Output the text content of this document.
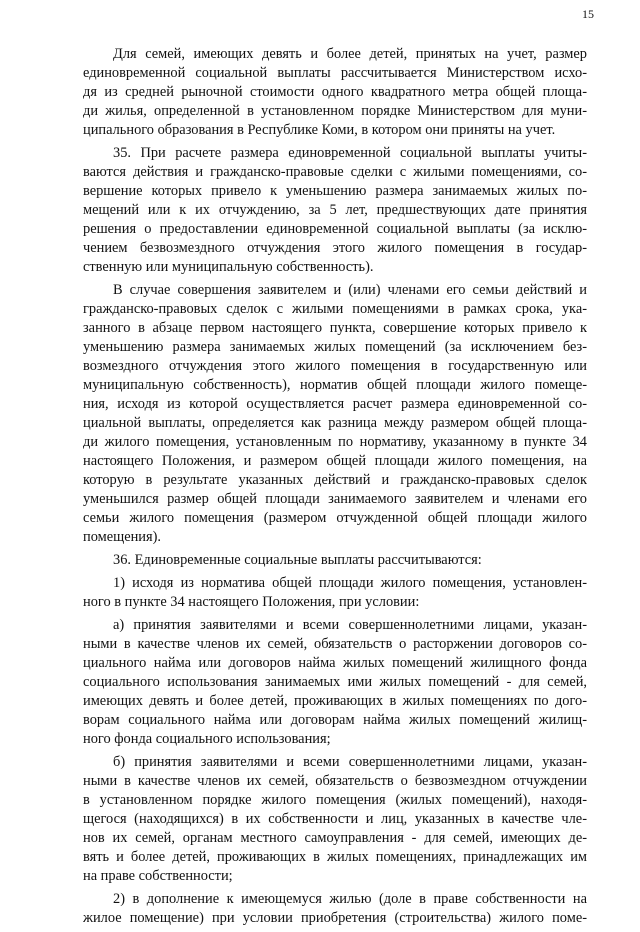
15
Для семей, имеющих девять и более детей, принятых на учет, размер
единовременной социальной выплаты рассчитывается Министерством исхо-
дя из средней рыночной стоимости одного квадратного метра общей площа-
ди жилья, определенной в установленном порядке Министерством для муни-
ципального образования в Республике Коми, в котором они приняты на учет.
35. При расчете размера единовременной социальной выплаты учиты-
ваются действия и гражданско-правовые сделки с жилыми помещениями, со-
вершение которых привело к уменьшению размера занимаемых жилых по-
мещений или к их отчуждению, за 5 лет, предшествующих дате принятия
решения о предоставлении единовременной социальной выплаты (за исклю-
чением безвозмездного отчуждения этого жилого помещения в государ-
ственную или муниципальную собственность).
В случае совершения заявителем и (или) членами его семьи действий и
гражданско-правовых сделок с жилыми помещениями в рамках срока, ука-
занного в абзаце первом настоящего пункта, совершение которых привело к
уменьшению размера занимаемых жилых помещений (за исключением без-
возмездного отчуждения этого жилого помещения в государственную или
муниципальную собственность), норматив общей площади жилого помеще-
ния, исходя из которой осуществляется расчет размера единовременной со-
циальной выплаты, определяется как разница между размером общей площа-
ди жилого помещения, установленным по нормативу, указанному в пункте 34
настоящего Положения, и размером общей площади жилого помещения, на
которую в результате указанных действий и гражданско-правовых сделок
уменьшился размер общей площади занимаемого заявителем и членами его
семьи жилого помещения (размером отчужденной общей площади жилого
помещения).
36. Единовременные социальные выплаты рассчитываются:
1) исходя из норматива общей площади жилого помещения, установлен-
ного в пункте 34 настоящего Положения, при условии:
а) принятия заявителями и всеми совершеннолетними лицами, указан-
ными в качестве членов их семей, обязательств о расторжении договоров со-
циального найма или договоров найма жилых помещений жилищного фонда
социального использования занимаемых ими жилых помещений - для семей,
имеющих девять и более детей, проживающих в жилых помещениях по дого-
ворам социального найма или договорам найма жилых помещений жилищ-
ного фонда социального использования;
б) принятия заявителями и всеми совершеннолетними лицами, указан-
ными в качестве членов их семей, обязательств о безвозмездном отчуждении
в установленном порядке жилого помещения (жилых помещений), находя-
щегося (находящихся) в их собственности и лиц, указанных в качестве чле-
нов их семей, органам местного самоуправления - для семей, имеющих де-
вять и более детей, проживающих в жилых помещениях, принадлежащих им
на праве собственности;
2) в дополнение к имеющемуся жилью (доле в праве собственности на
жилое помещение) при условии приобретения (строительства) жилого поме-
